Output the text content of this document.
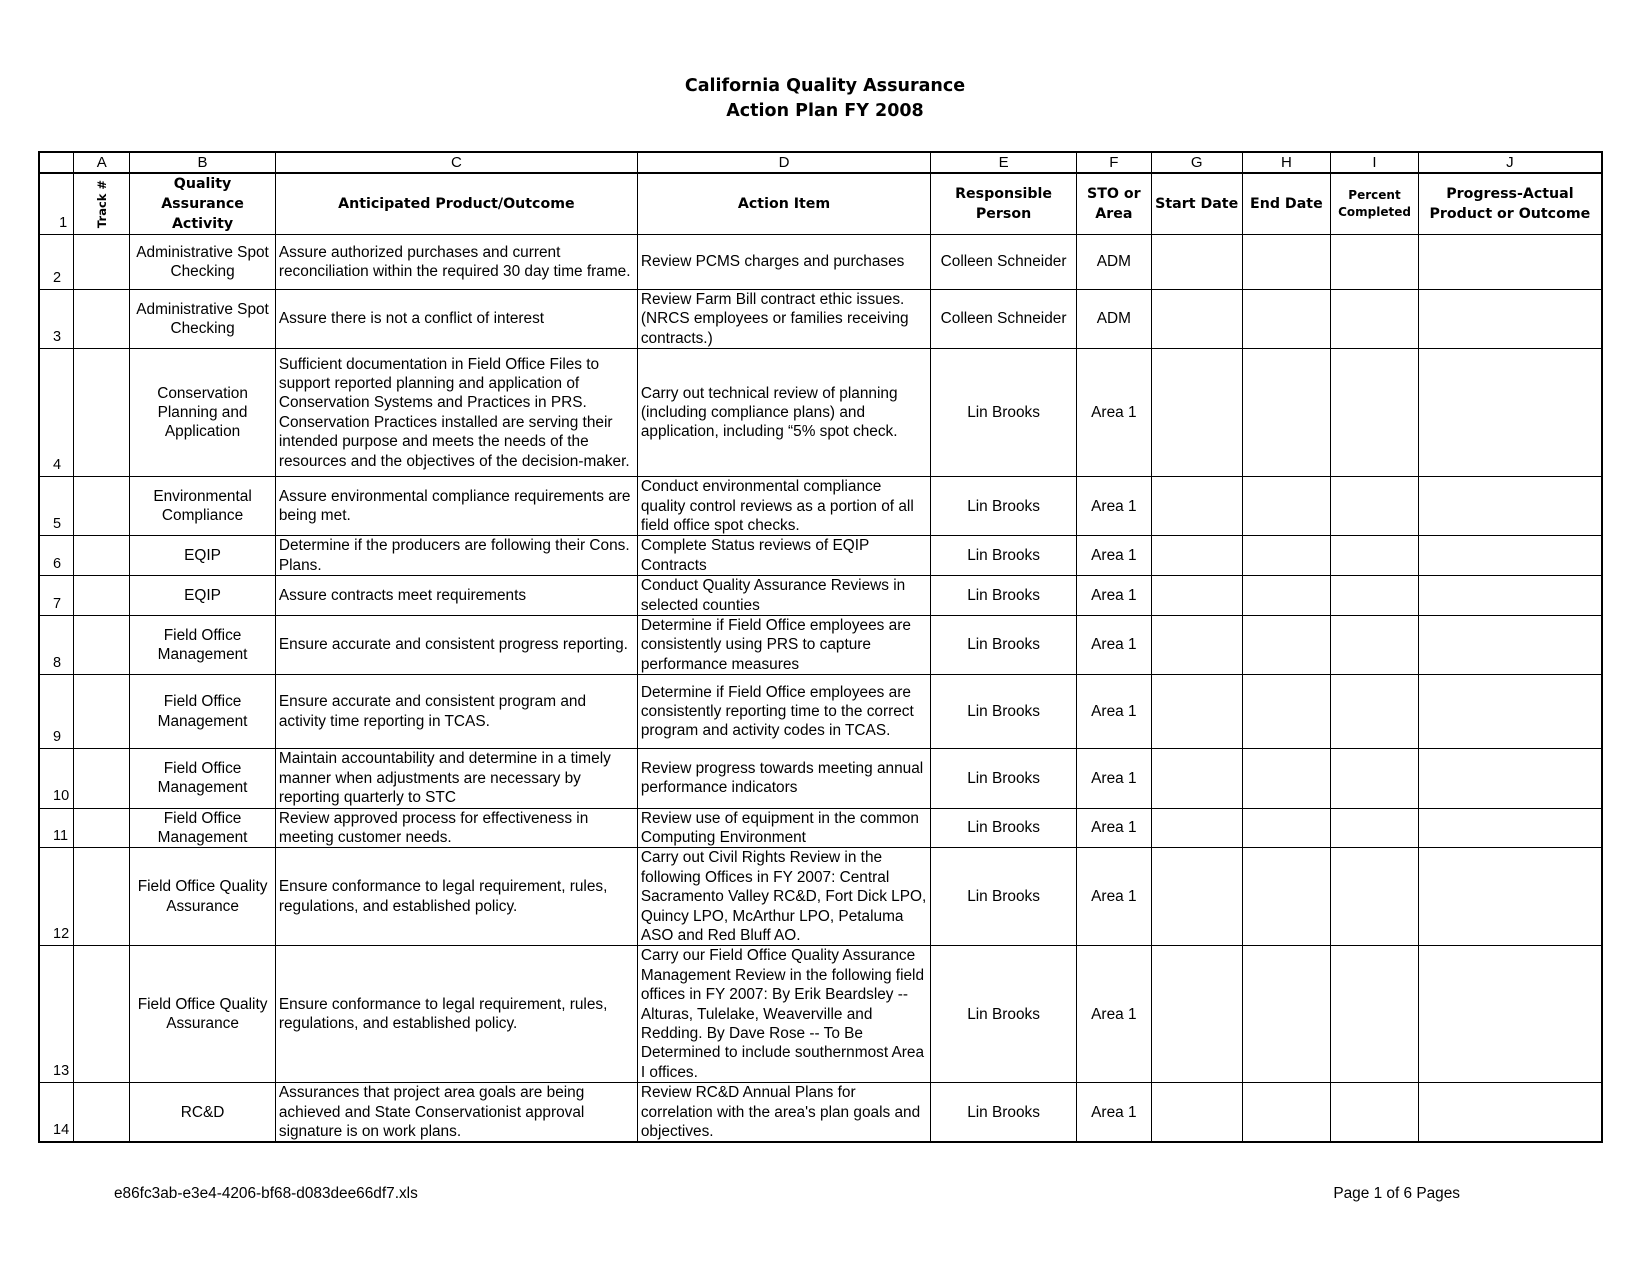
California Quality Assurance
Action Plan FY 2008
	A	B	C	D	E	F	G	H	I	J
1	Track #	Quality Assurance Activity	Anticipated Product/Outcome	Action Item	Responsible Person	STO or Area	Start Date	End Date	Percent Completed	Progress-Actual Product or Outcome
2		Administrative Spot Checking	Assure authorized purchases and current reconciliation within the required 30 day time frame.	Review PCMS charges and purchases	Colleen Schneider	ADM				
3		Administrative Spot Checking	Assure there is not a conflict of interest	Review Farm Bill contract ethic issues. (NRCS employees or families receiving contracts.)	Colleen Schneider	ADM				
4		Conservation Planning and Application	Sufficient documentation in Field Office Files to support reported planning and application of Conservation Systems and Practices in PRS. Conservation Practices installed are serving their intended purpose and meets the needs of the resources and the objectives of the decision-maker.	Carry out technical review of planning (including compliance plans) and application, including “5% spot check.	Lin Brooks	Area 1				
5		Environmental Compliance	Assure environmental compliance requirements are being met.	Conduct environmental compliance quality control reviews as a portion of all field office spot checks.	Lin Brooks	Area 1				
6		EQIP	Determine if the producers are following their Cons. Plans.	Complete Status reviews of EQIP Contracts	Lin Brooks	Area 1				
7		EQIP	Assure contracts meet requirements	Conduct Quality Assurance Reviews in selected counties	Lin Brooks	Area 1				
8		Field Office Management	Ensure accurate and consistent progress reporting.	Determine if Field Office employees are consistently using PRS to capture performance measures	Lin Brooks	Area 1				
9		Field Office Management	Ensure accurate and consistent program and activity time reporting in TCAS.	Determine if Field Office employees are consistently reporting time to the correct program and activity codes in TCAS.	Lin Brooks	Area 1				
10		Field Office Management	Maintain accountability and determine in a timely manner when adjustments are necessary by reporting quarterly to STC	Review progress towards meeting annual performance indicators	Lin Brooks	Area 1				
11		Field Office Management	Review approved process for effectiveness in meeting customer needs.	Review use of equipment in the common Computing Environment	Lin Brooks	Area 1				
12		Field Office Quality Assurance	Ensure conformance to legal requirement, rules, regulations, and established policy.	Carry out Civil Rights Review in the following Offices in FY 2007: Central Sacramento Valley RC&D, Fort Dick LPO, Quincy LPO, McArthur LPO, Petaluma ASO and Red Bluff AO.	Lin Brooks	Area 1				
13		Field Office Quality Assurance	Ensure conformance to legal requirement, rules, regulations, and established policy.	Carry our Field Office Quality Assurance Management Review in the following field offices in FY 2007: By Erik Beardsley -- Alturas, Tulelake, Weaverville and Redding. By Dave Rose -- To Be Determined to include southernmost Area I offices.	Lin Brooks	Area 1				
14		RC&D	Assurances that project area goals are being achieved and State Conservationist approval signature is on work plans.	Review RC&D Annual Plans for correlation with the area's plan goals and objectives.	Lin Brooks	Area 1				
e86fc3ab-e3e4-4206-bf68-d083dee66df7.xls	Page 1 of 6 Pages
